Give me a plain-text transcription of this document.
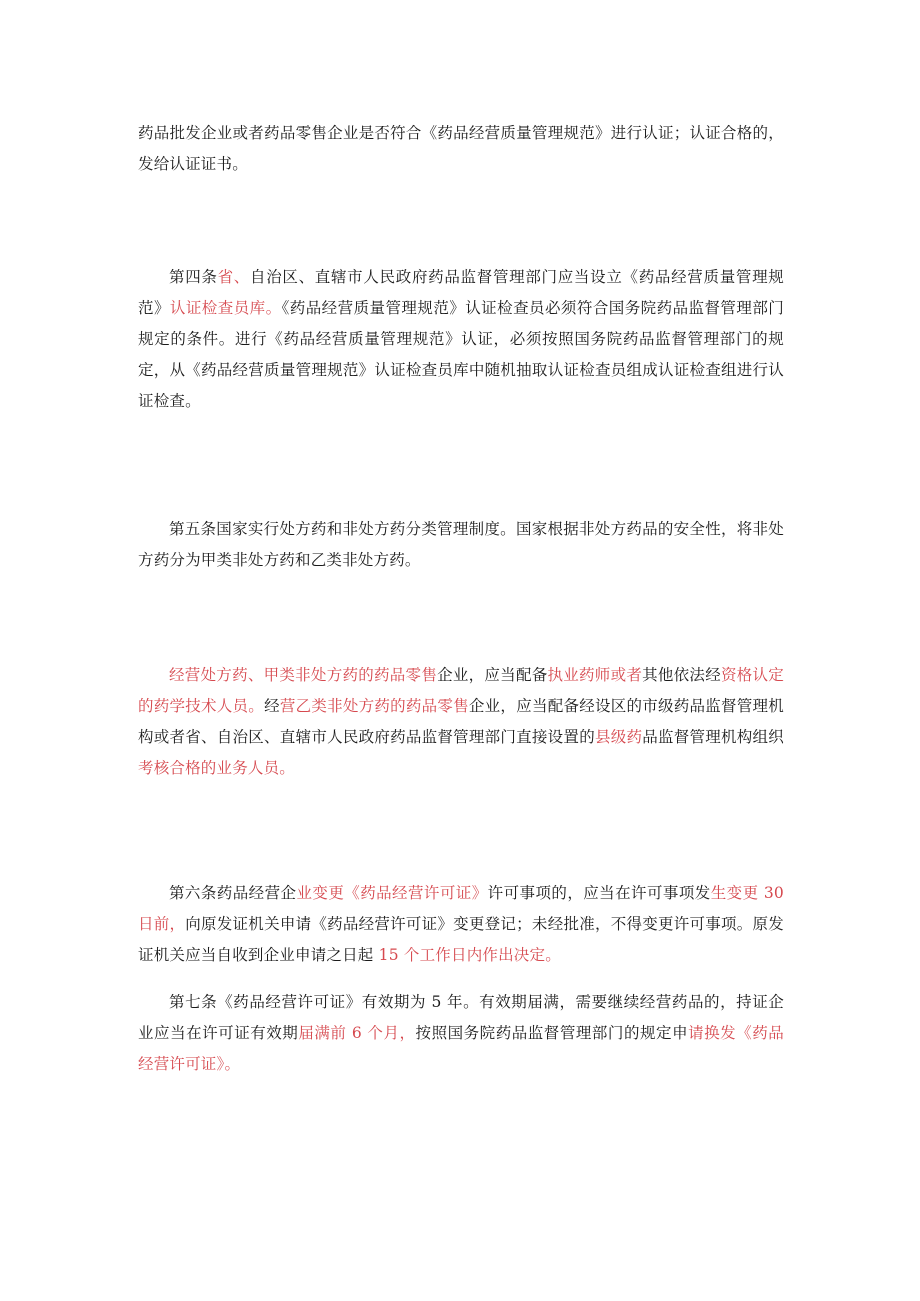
药品批发企业或者药品零售企业是否符合《药品经营质量管理规范》进行认证；认证合格的，发给认证证书。
第四条省、自治区、直辖市人民政府药品监督管理部门应当设立《药品经营质量管理规范》认证检查员库。《药品经营质量管理规范》认证检查员必须符合国务院药品监督管理部门规定的条件。进行《药品经营质量管理规范》认证，必须按照国务院药品监督管理部门的规定，从《药品经营质量管理规范》认证检查员库中随机抽取认证检查员组成认证检查组进行认证检查。
第五条国家实行处方药和非处方药分类管理制度。国家根据非处方药品的安全性，将非处方药分为甲类非处方药和乙类非处方药。
经营处方药、甲类非处方药的药品零售企业，应当配备执业药师或者其他依法经资格认定的药学技术人员。经营乙类非处方药的药品零售企业，应当配备经设区的市级药品监督管理机构或者省、自治区、直辖市人民政府药品监督管理部门直接设置的县级药品监督管理机构组织考核合格的业务人员。
第六条药品经营企业变更《药品经营许可证》许可事项的，应当在许可事项发生变更 30 日前，向原发证机关申请《药品经营许可证》变更登记；未经批准，不得变更许可事项。原发证机关应当自收到企业申请之日起 15 个工作日内作出决定。
第七条《药品经营许可证》有效期为 5 年。有效期届满，需要继续经营药品的，持证企业应当在许可证有效期届满前 6 个月，按照国务院药品监督管理部门的规定申请换发《药品经营许可证》。
